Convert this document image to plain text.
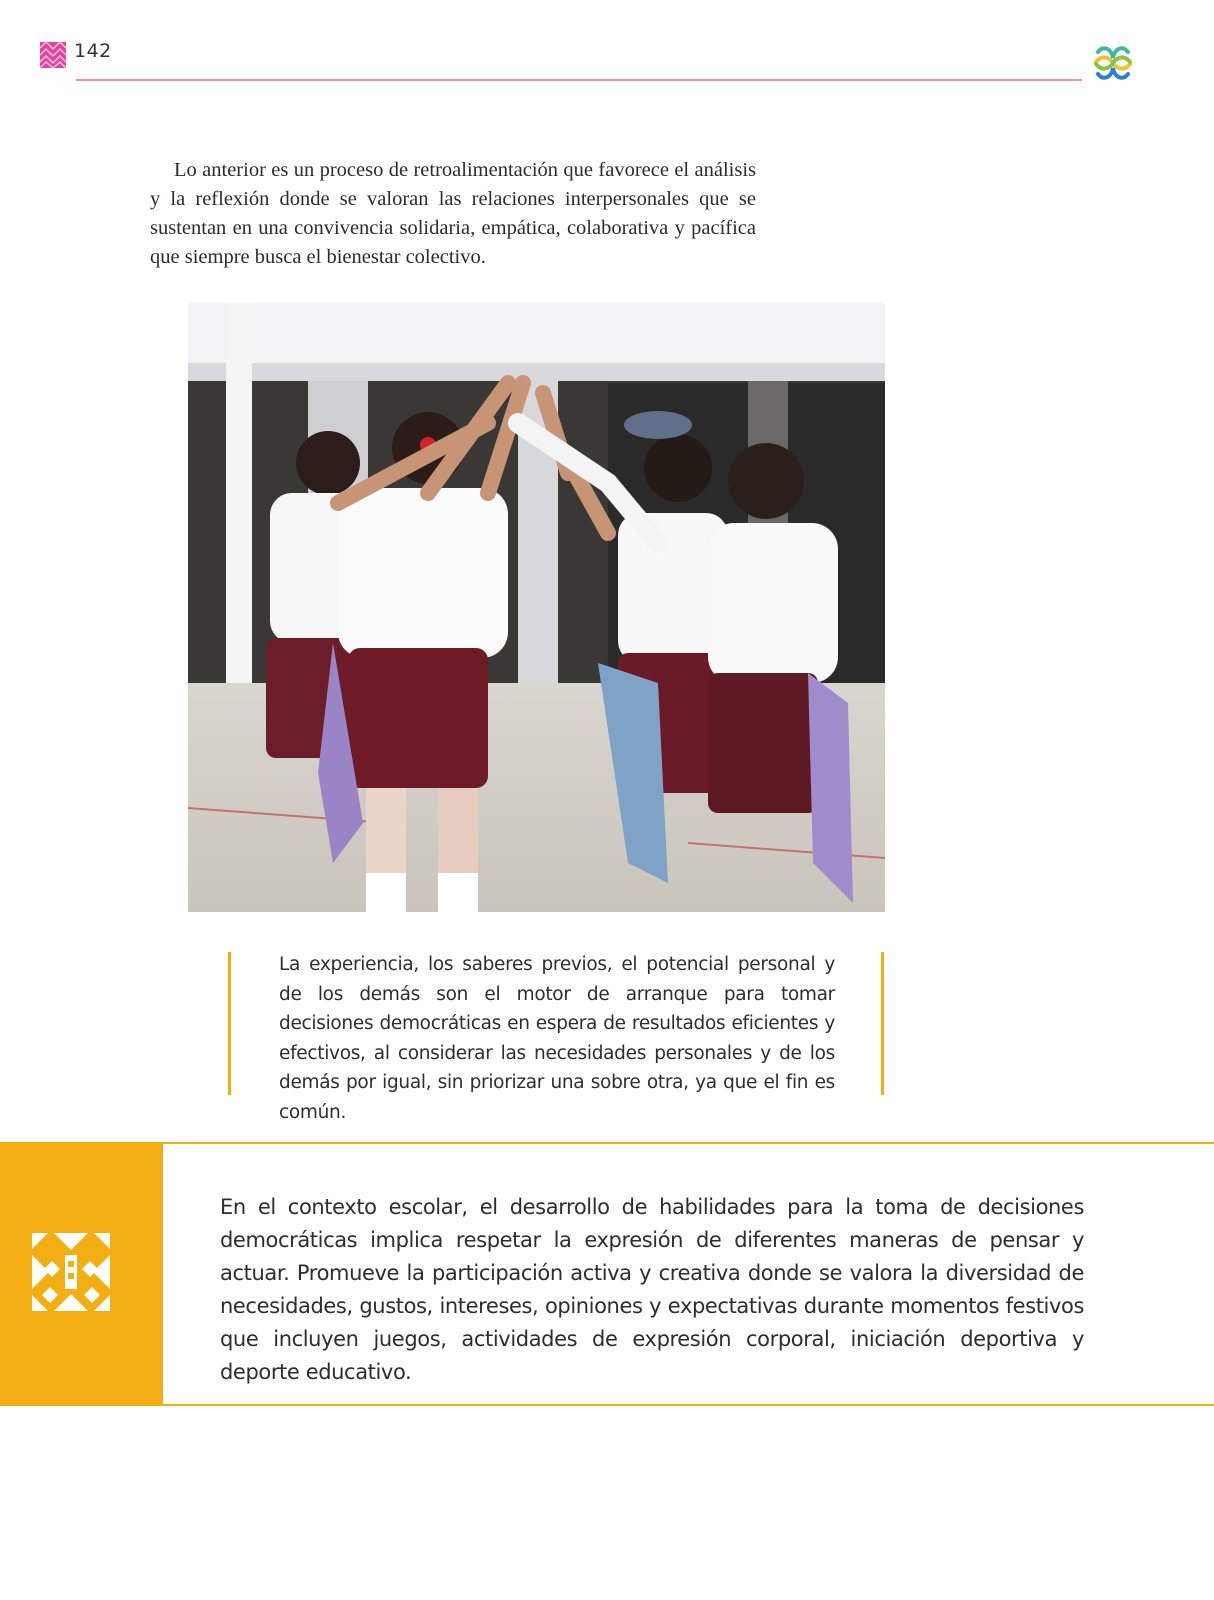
142

Lo anterior es un proceso de retroalimentación que favorece el análisis y la reflexión donde se valoran las relaciones interpersonales que se sustentan en una convivencia solidaria, empática, colaborativa y pacífica que siempre busca el bienestar colectivo.

La experiencia, los saberes previos, el potencial personal y de los demás son el motor de arranque para tomar decisiones democráticas en espera de resultados eficientes y efectivos, al considerar las necesidades personales y de los demás por igual, sin priorizar una sobre otra, ya que el fin es común.

En el contexto escolar, el desarrollo de habilidades para la toma de decisiones democráticas implica respetar la expresión de diferentes maneras de pensar y actuar. Promueve la participación activa y creativa donde se valora la diversidad de necesidades, gustos, intereses, opiniones y expectativas durante momentos festivos que incluyen juegos, actividades de expresión corporal, iniciación deportiva y deporte educativo.
